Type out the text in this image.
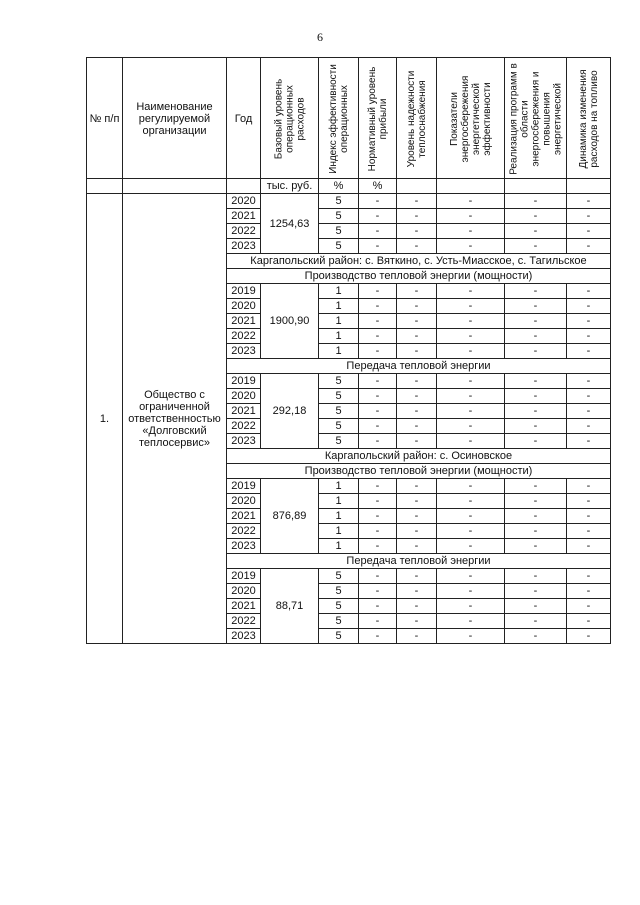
6
№ п/п	Наименование регулируемой организации	Год	Базовый уровень операционных расходов	Индекс эффективности операционных	Нормативный уровень прибыли	Уровень надежности теплоснабжения	Показатели энергосбережения энергетической эффективности	Реализация программ в области энергосбережения и повышения энергетической	Динамика изменения расходов на топливо

			тыс. руб.	%	%				
1.	Общество с ограниченной ответственностью «Долговский теплосервис»	2020	1254,63	5	-	-	-	-	-
		2021		5	-	-	-	-	-
		2022		5	-	-	-	-	-
		2023		5	-	-	-	-	-
		Каргапольский район: с. Вяткино, с. Усть-Миасское, с. Тагильское							
		Производство тепловой энергии (мощности)							
		2019	1900,90	1	-	-	-	-	-
		2020		1	-	-	-	-	-
		2021		1	-	-	-	-	-
		2022		1	-	-	-	-	-
		2023		1	-	-	-	-	-
		Передача тепловой энергии							
		2019	292,18	5	-	-	-	-	-
		2020		5	-	-	-	-	-
		2021		5	-	-	-	-	-
		2022		5	-	-	-	-	-
		2023		5	-	-	-	-	-
		Каргапольский район: с. Осиновское							
		Производство тепловой энергии (мощности)							
		2019	876,89	1	-	-	-	-	-
		2020		1	-	-	-	-	-
		2021		1	-	-	-	-	-
		2022		1	-	-	-	-	-
		2023		1	-	-	-	-	-
		Передача тепловой энергии							
		2019	88,71	5	-	-	-	-	-
		2020		5	-	-	-	-	-
		2021		5	-	-	-	-	-
		2022		5	-	-	-	-	-
		2023		5	-	-	-	-	-
